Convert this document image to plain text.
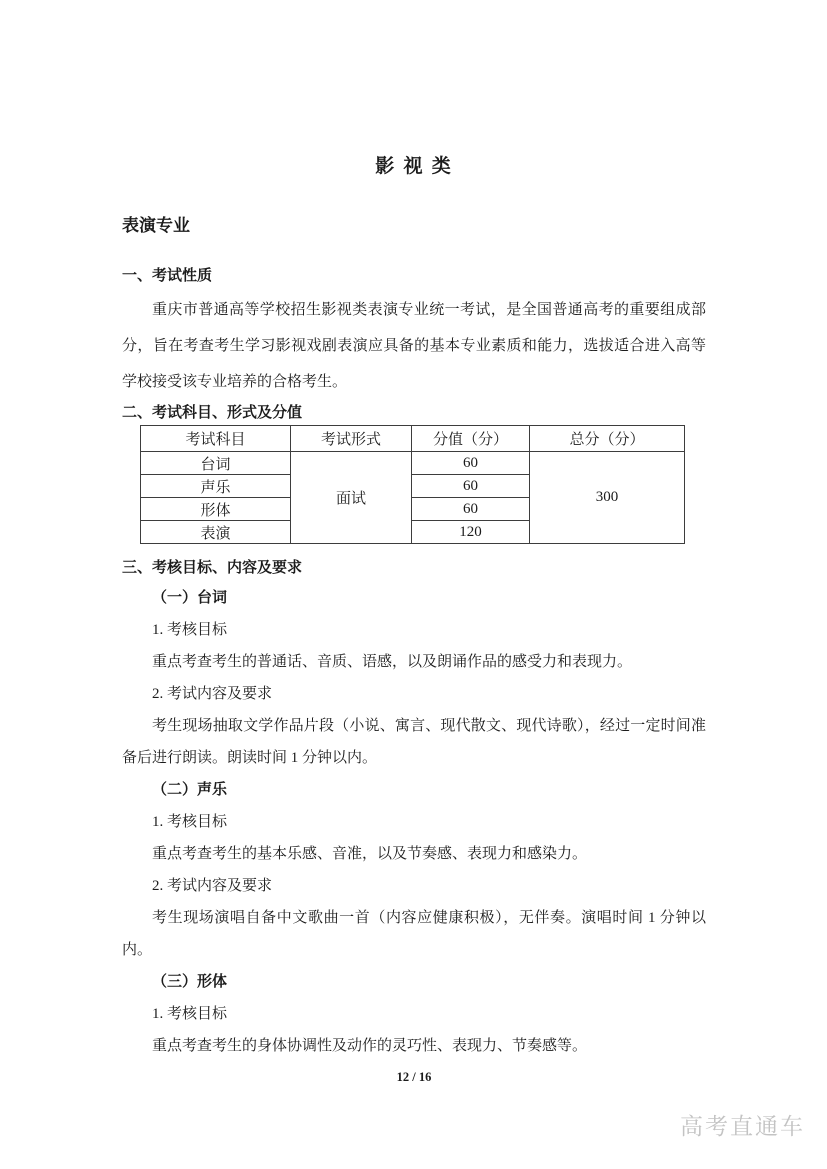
影 视 类
表演专业
一、考试性质

重庆市普通高等学校招生影视类表演专业统一考试，是全国普通高考的重要组成部分，旨在考查考生学习影视戏剧表演应具备的基本专业素质和能力，选拔适合进入高等学校接受该专业培养的合格考生。

二、考试科目、形式及分值
考试科目	考试形式	分值（分）	总分（分）
台词	面试	60	300
声乐		60	
形体		60	
表演		120	
三、考核目标、内容及要求
（一）台词
1. 考核目标
重点考查考生的普通话、音质、语感，以及朗诵作品的感受力和表现力。
2. 考试内容及要求
考生现场抽取文学作品片段（小说、寓言、现代散文、现代诗歌），经过一定时间准备后进行朗读。朗读时间 1 分钟以内。
（二）声乐
1. 考核目标
重点考查考生的基本乐感、音准，以及节奏感、表现力和感染力。
2. 考试内容及要求
考生现场演唱自备中文歌曲一首（内容应健康积极），无伴奏。演唱时间 1 分钟以内。
（三）形体
1. 考核目标
重点考查考生的身体协调性及动作的灵巧性、表现力、节奏感等。
12 / 16
高考直通车
